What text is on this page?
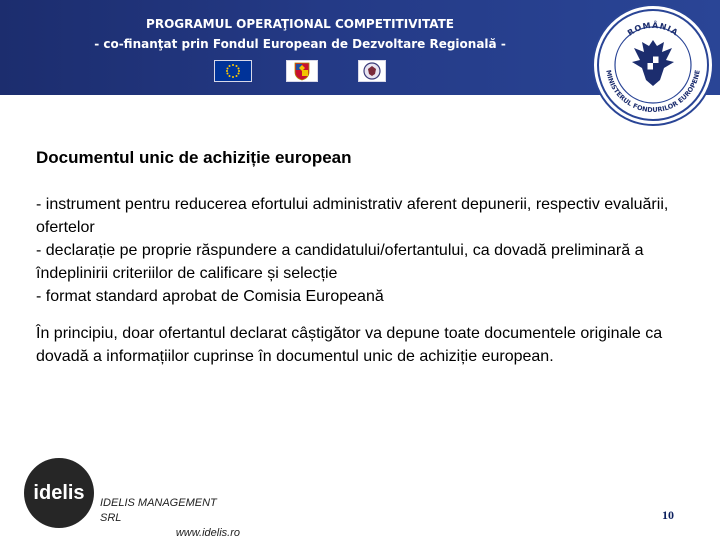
PROGRAMUL OPERAŢIONAL COMPETITIVITATE
- co-finanţat prin Fondul European de Dezvoltare Regională -
ROMÂNIA
MINISTERUL FONDURILOR EUROPENE
Documentul unic de achiziție european
- instrument pentru reducerea efortului administrativ aferent depunerii, respectiv evaluării, ofertelor
- declarație pe proprie răspundere a candidatului/ofertantului, ca dovadă preliminară a îndeplinirii criteriilor de calificare și selecție
- format standard aprobat de Comisia Europeană
În principiu, doar ofertantul declarat câștigător va depune toate documentele originale ca dovadă a informațiilor cuprinse în documentul unic de achiziție european.
idelis IDELIS MANAGEMENT SRL
www.idelis.ro
10
